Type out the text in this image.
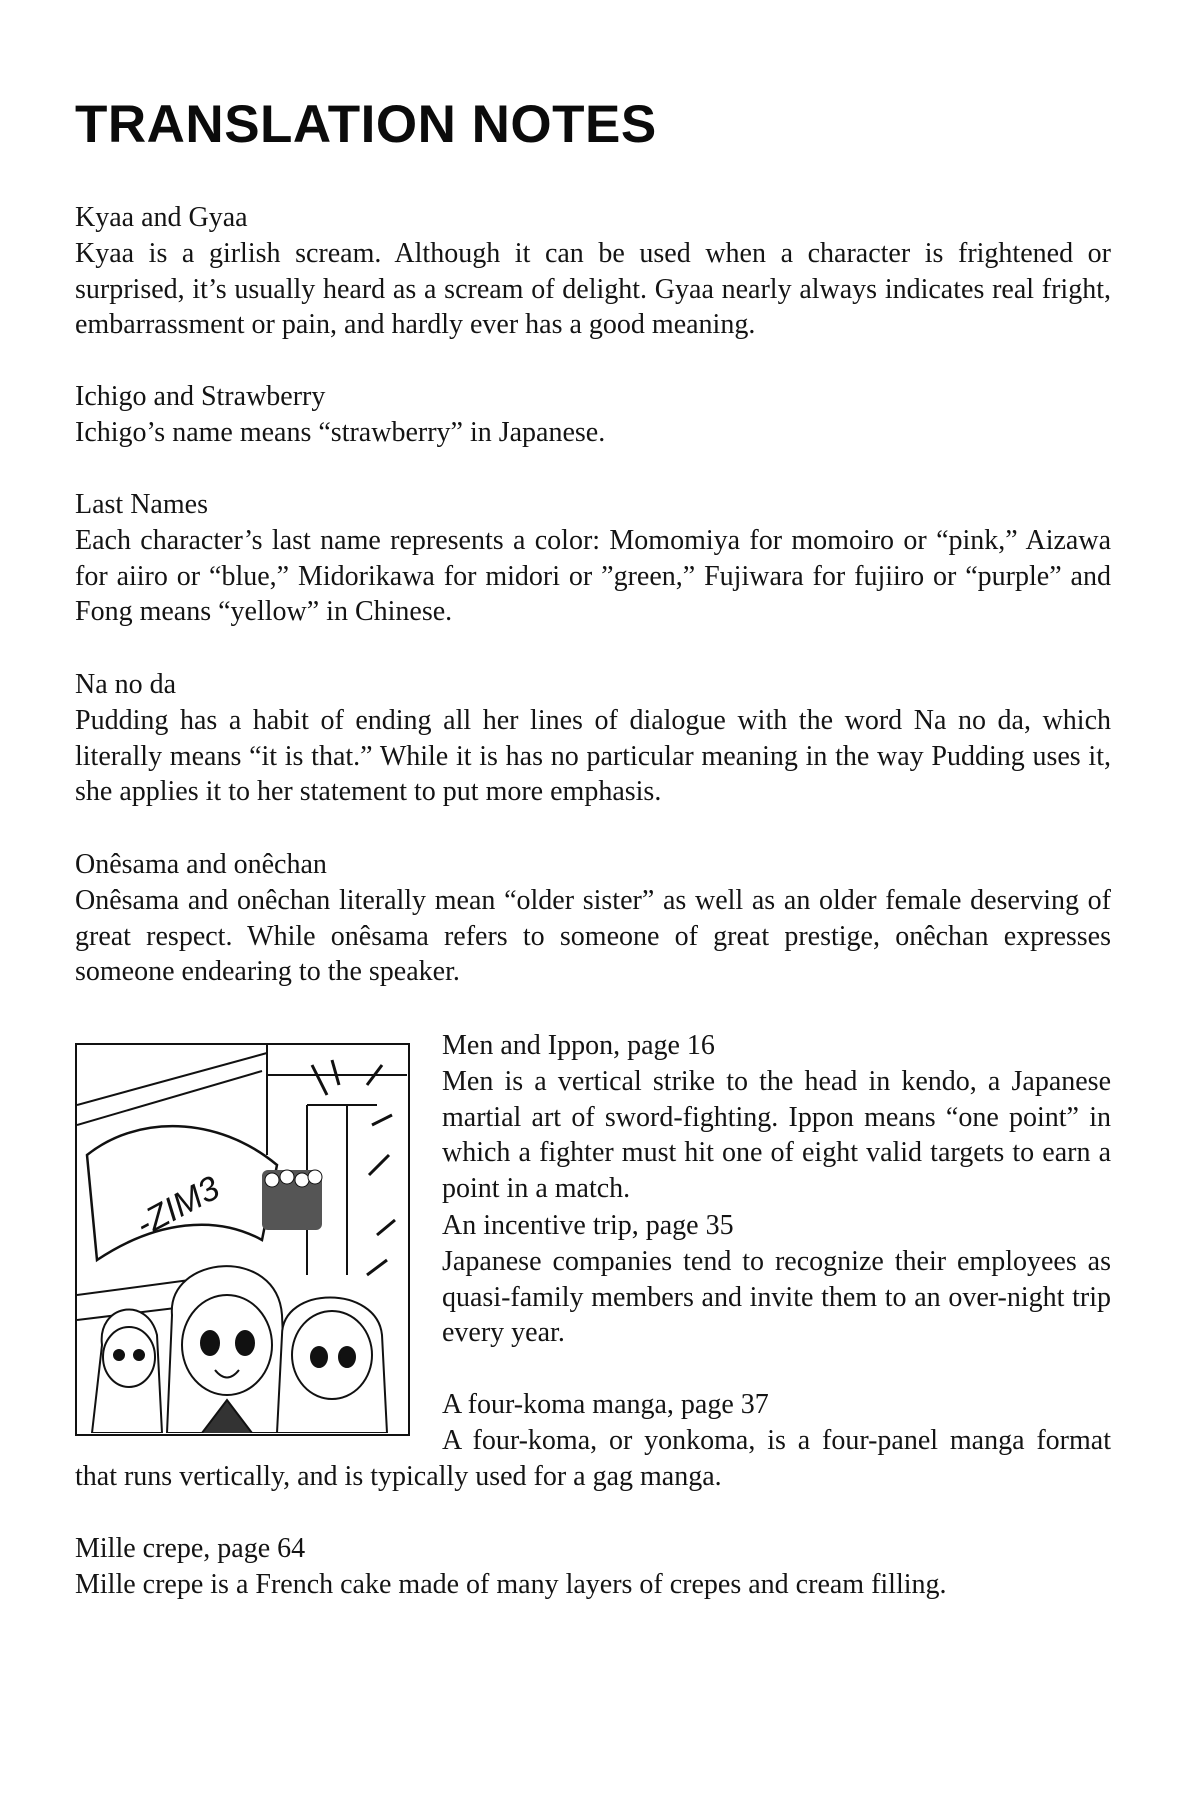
TRANSLATION NOTES
Kyaa and Gyaa
Kyaa is a girlish scream. Although it can be used when a character is frightened or surprised, it’s usually heard as a scream of delight. Gyaa nearly always indicates real fright, embarrassment or pain, and hardly ever has a good meaning.
Ichigo and Strawberry
Ichigo’s name means “strawberry” in Japanese.
Last Names
Each character’s last name represents a color: Momomiya for momoiro or “pink,” Aizawa for aiiro or “blue,” Midorikawa for midori or ”green,” Fujiwara for fujiiro or “purple” and Fong means “yellow” in Chinese.
Na no da
Pudding has a habit of ending all her lines of dialogue with the word Na no da, which literally means “it is that.” While it is has no particular meaning in the way Pudding uses it, she applies it to her statement to put more emphasis.
Onêsama and onêchan
Onêsama and onêchan literally mean “older sister” as well as an older female deserving of great respect. While onêsama refers to someone of great prestige, onêchan expresses someone endearing to the speaker.
-ZIM3
Men and Ippon, page 16
Men is a vertical strike to the head in kendo, a Japanese martial art of sword-fighting. Ippon means “one point” in which a fighter must hit one of eight valid targets to earn a point in a match.
An incentive trip, page 35
Japanese companies tend to recognize their employees as quasi-family members and invite them to an over-night trip every year.
A four-koma manga, page 37
A four-koma, or yonkoma, is a four-panel manga format
that runs vertically, and is typically used for a gag manga.
Mille crepe, page 64
Mille crepe is a French cake made of many layers of crepes and cream filling.
